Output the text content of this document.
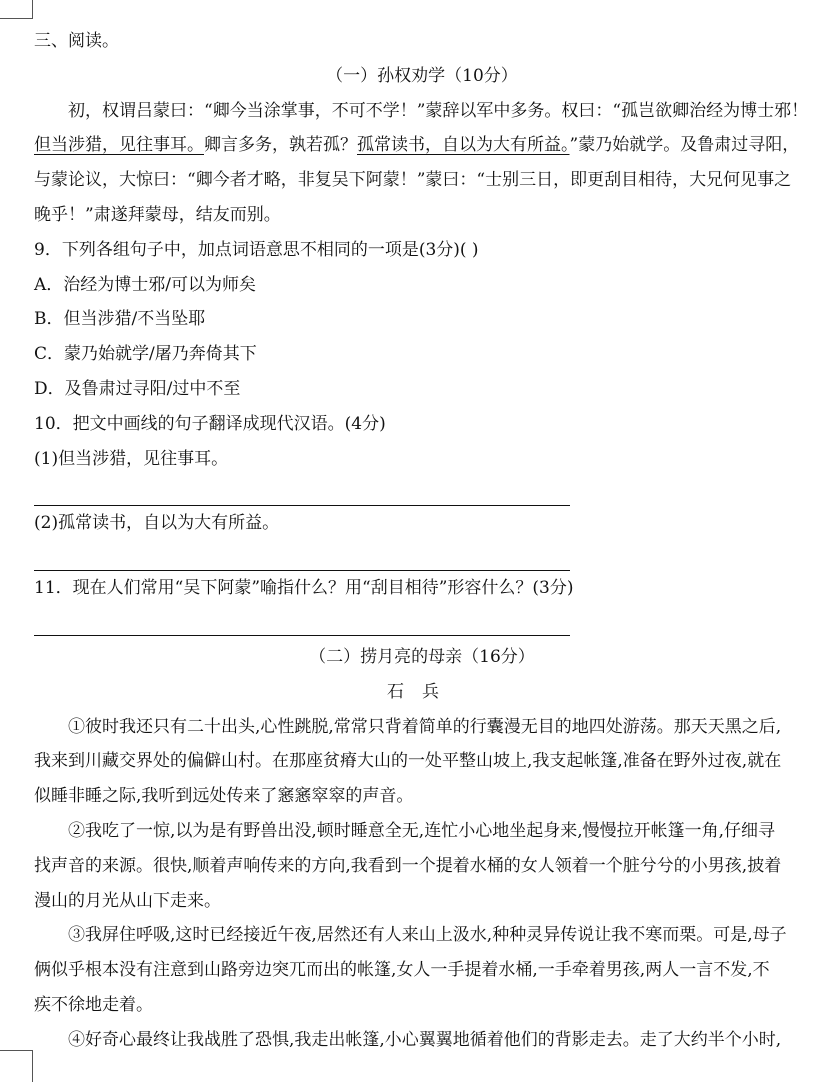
三、阅读。
（一）孙权劝学（10分）
初，权谓吕蒙曰：“卿今当涂掌事，不可不学！”蒙辞以军中多务。权曰：“孤岂欲卿治经为博士邪！
但当涉猎，见往事耳。卿言多务，孰若孤？孤常读书，自以为大有所益。”蒙乃始就学。及鲁肃过寻阳，
与蒙论议，大惊曰：“卿今者才略，非复吴下阿蒙！”蒙曰：“士别三日，即更刮目相待，大兄何见事之
晚乎！”肃遂拜蒙母，结友而别。
9．下列各组句子中，加点词语意思不相同的一项是(3分)( )
A．治经为博士邪/可以为师矣
B．但当涉猎/不当坠耶
C．蒙乃始就学/屠乃奔倚其下
D．及鲁肃过寻阳/过中不至
10．把文中画线的句子翻译成现代汉语。(4分)
(1)但当涉猎，见往事耳。
(2)孤常读书，自以为大有所益。
11．现在人们常用“吴下阿蒙”喻指什么？用“刮目相待”形容什么？(3分)
（二）捞月亮的母亲（16分）
石兵
①彼时我还只有二十出头,心性跳脱,常常只背着简单的行囊漫无目的地四处游荡。那天天黑之后,
我来到川藏交界处的偏僻山村。在那座贫瘠大山的一处平整山坡上,我支起帐篷,准备在野外过夜,就在
似睡非睡之际,我听到远处传来了窸窸窣窣的声音。
②我吃了一惊,以为是有野兽出没,顿时睡意全无,连忙小心地坐起身来,慢慢拉开帐篷一角,仔细寻
找声音的来源。很快,顺着声响传来的方向,我看到一个提着水桶的女人领着一个脏兮兮的小男孩,披着
漫山的月光从山下走来。
③我屏住呼吸,这时已经接近午夜,居然还有人来山上汲水,种种灵异传说让我不寒而栗。可是,母子
俩似乎根本没有注意到山路旁边突兀而出的帐篷,女人一手提着水桶,一手牵着男孩,两人一言不发,不
疾不徐地走着。
④好奇心最终让我战胜了恐惧,我走出帐篷,小心翼翼地循着他们的背影走去。走了大约半个小时,
